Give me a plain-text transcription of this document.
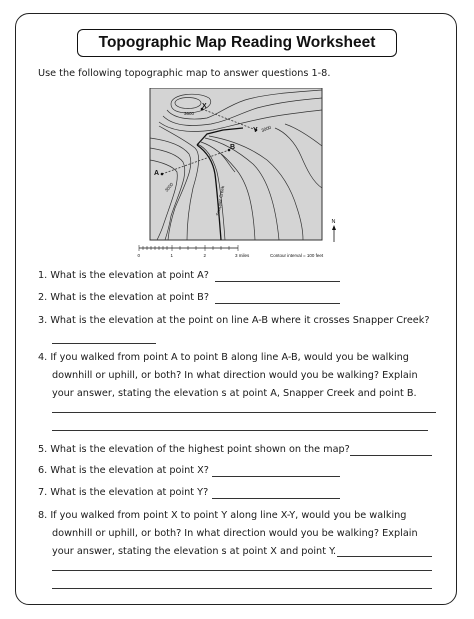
Topographic Map Reading Worksheet
Use the following topographic map to answer questions 1-8.
X
Y
A
B
3600
3000
3000	Snapper Creek
N
0	1	2	3 miles	Contour interval = 100 feet
1. What is the elevation at point A?
2. What is the elevation at point B?
3. What is the elevation at the point on line A-B where it crosses Snapper Creek?
4. If you walked from point A to point B along line A-B, would you be walking
downhill or uphill, or both? In what direction would you be walking? Explain
your answer, stating the elevation s at point A, Snapper Creek and point B.
5. What is the elevation of the highest point shown on the map?
6. What is the elevation at point X?
7. What is the elevation at point Y?
8. If you walked from point X to point Y along line X-Y, would you be walking
downhill or uphill, or both? In what direction would you be walking? Explain
your answer, stating the elevation s at point X and point Y.
